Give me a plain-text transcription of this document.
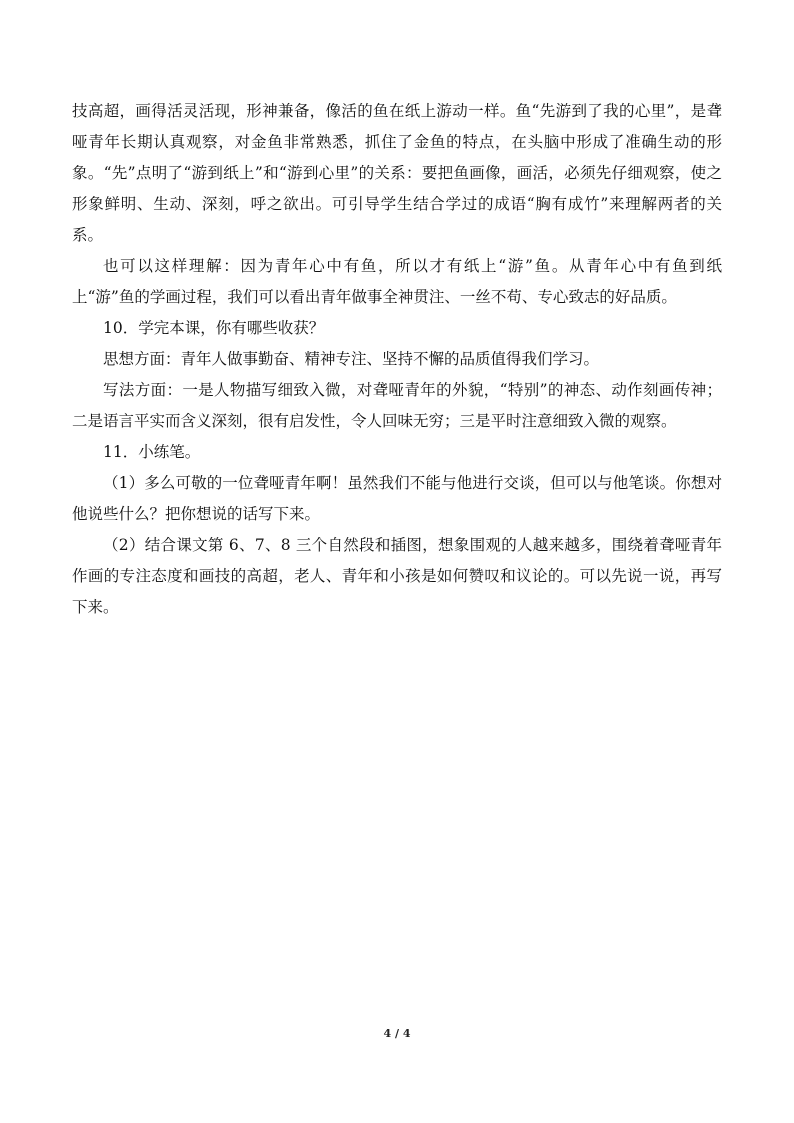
技高超，画得活灵活现，形神兼备，像活的鱼在纸上游动一样。鱼“先游到了我的心里”，是聋哑青年长期认真观察，对金鱼非常熟悉，抓住了金鱼的特点，在头脑中形成了准确生动的形象。“先”点明了“游到纸上”和“游到心里”的关系：要把鱼画像，画活，必须先仔细观察，使之形象鲜明、生动、深刻，呼之欲出。可引导学生结合学过的成语“胸有成竹”来理解两者的关系。

也可以这样理解：因为青年心中有鱼，所以才有纸上“游”鱼。从青年心中有鱼到纸上“游”鱼的学画过程，我们可以看出青年做事全神贯注、一丝不苟、专心致志的好品质。

10．学完本课，你有哪些收获？

思想方面：青年人做事勤奋、精神专注、坚持不懈的品质值得我们学习。

写法方面：一是人物描写细致入微，对聋哑青年的外貌，“特别”的神态、动作刻画传神；二是语言平实而含义深刻，很有启发性，令人回味无穷；三是平时注意细致入微的观察。

11．小练笔。

（1）多么可敬的一位聋哑青年啊！虽然我们不能与他进行交谈，但可以与他笔谈。你想对他说些什么？把你想说的话写下来。

（2）结合课文第 6、7、8 三个自然段和插图，想象围观的人越来越多，围绕着聋哑青年作画的专注态度和画技的高超，老人、青年和小孩是如何赞叹和议论的。可以先说一说，再写下来。

4 / 4
